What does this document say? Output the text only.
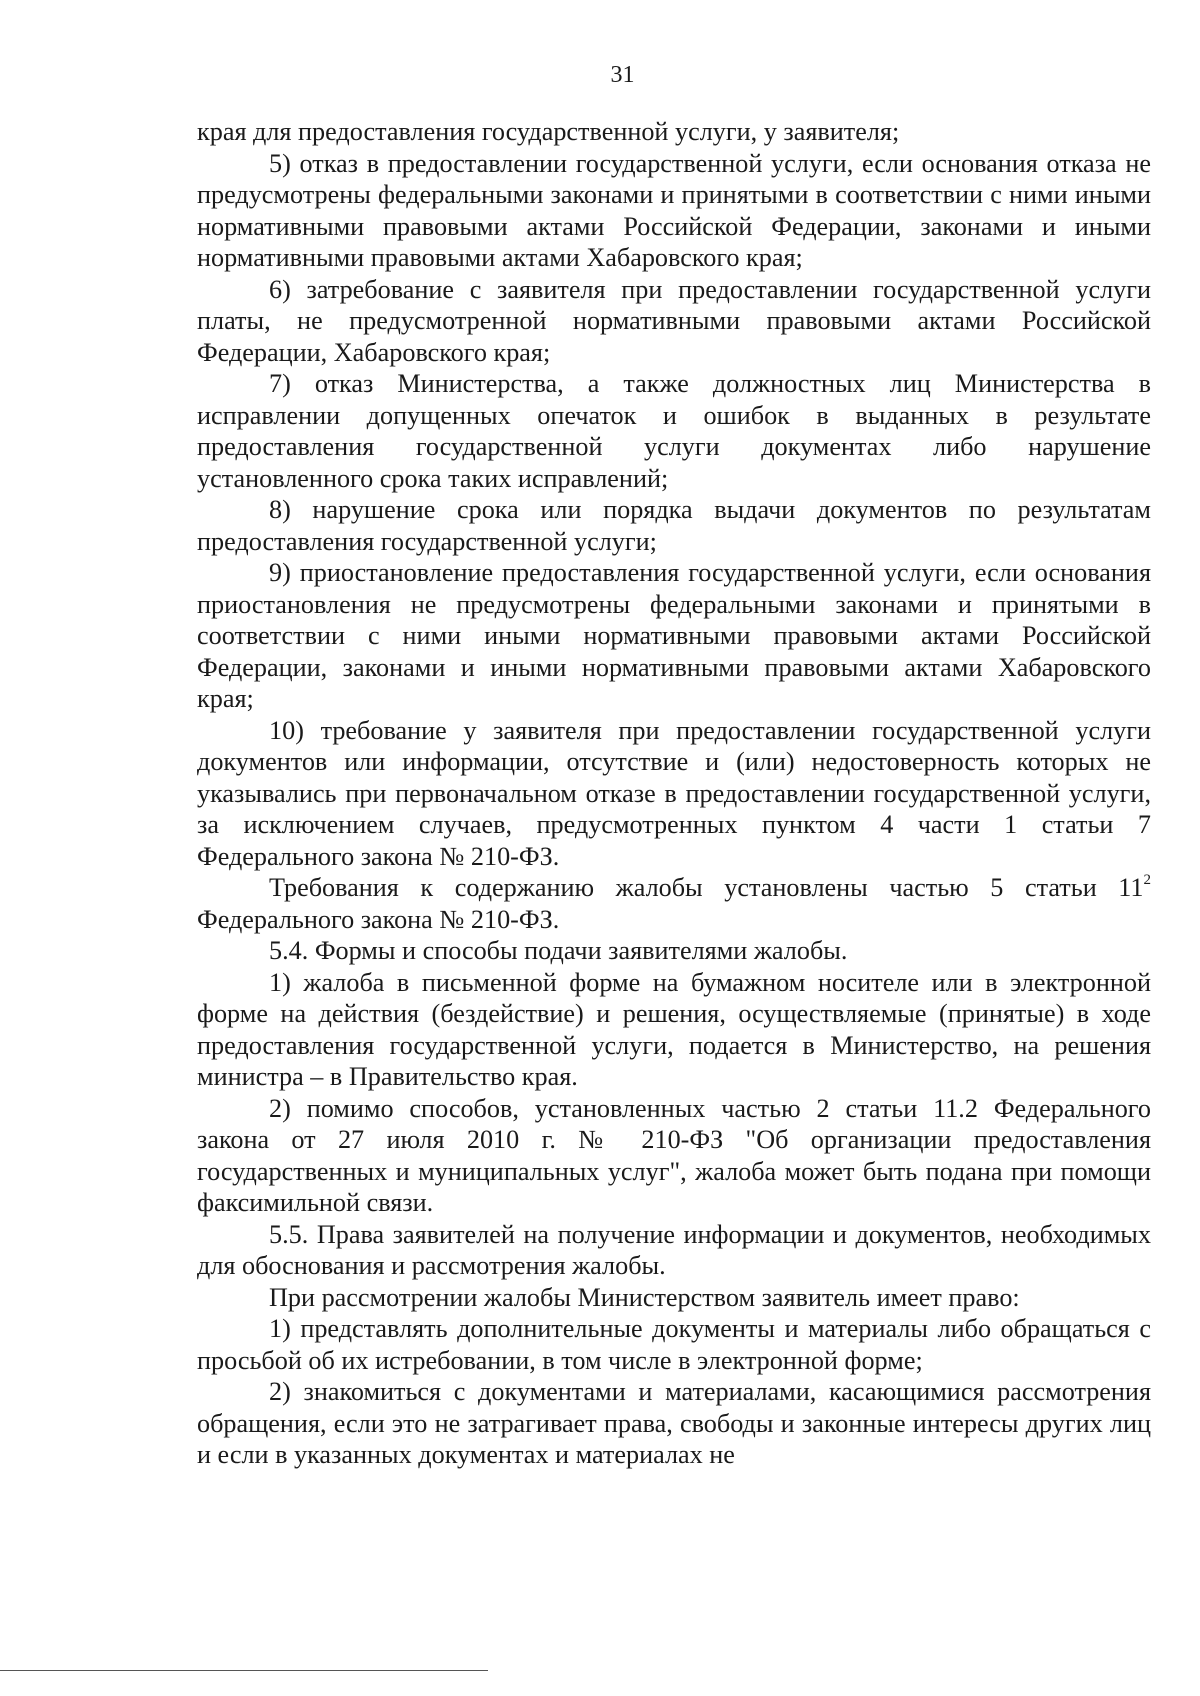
31

края для предоставления государственной услуги, у заявителя;

5) отказ в предоставлении государственной услуги, если основания отказа не предусмотрены федеральными законами и принятыми в соответствии с ними иными нормативными правовыми актами Российской Федерации, законами и иными нормативными правовыми актами Хабаровского края;

6) затребование с заявителя при предоставлении государственной услуги платы, не предусмотренной нормативными правовыми актами Российской Федерации, Хабаровского края;

7) отказ Министерства, а также должностных лиц Министерства в исправлении допущенных опечаток и ошибок в выданных в результате предоставления государственной услуги документах либо нарушение установленного срока таких исправлений;

8) нарушение срока или порядка выдачи документов по результатам предоставления государственной услуги;

9) приостановление предоставления государственной услуги, если основания приостановления не предусмотрены федеральными законами и принятыми в соответствии с ними иными нормативными правовыми актами Российской Федерации, законами и иными нормативными правовыми актами Хабаровского края;

10) требование у заявителя при предоставлении государственной услуги документов или информации, отсутствие и (или) недостоверность которых не указывались при первоначальном отказе в предоставлении государственной услуги, за исключением случаев, предусмотренных пунктом 4 части 1 статьи 7 Федерального закона № 210-ФЗ.

Требования к содержанию жалобы установлены частью 5 статьи $11^2$ Федерального закона № 210-ФЗ.

5.4. Формы и способы подачи заявителями жалобы.

1) жалоба в письменной форме на бумажном носителе или в электронной форме на действия (бездействие) и решения, осуществляемые (принятые) в ходе предоставления государственной услуги, подается в Министерство, на решения министра – в Правительство края.

2) помимо способов, установленных частью 2 статьи 11.2 Федерального закона от 27 июля 2010 г. № 210-ФЗ "Об организации предоставления государственных и муниципальных услуг", жалоба может быть подана при помощи факсимильной связи.

5.5. Права заявителей на получение информации и документов, необходимых для обоснования и рассмотрения жалобы.

При рассмотрении жалобы Министерством заявитель имеет право:

1) представлять дополнительные документы и материалы либо обращаться с просьбой об их истребовании, в том числе в электронной форме;

2) знакомиться с документами и материалами, касающимися рассмотрения обращения, если это не затрагивает права, свободы и законные интересы других лиц и если в указанных документах и материалах не
